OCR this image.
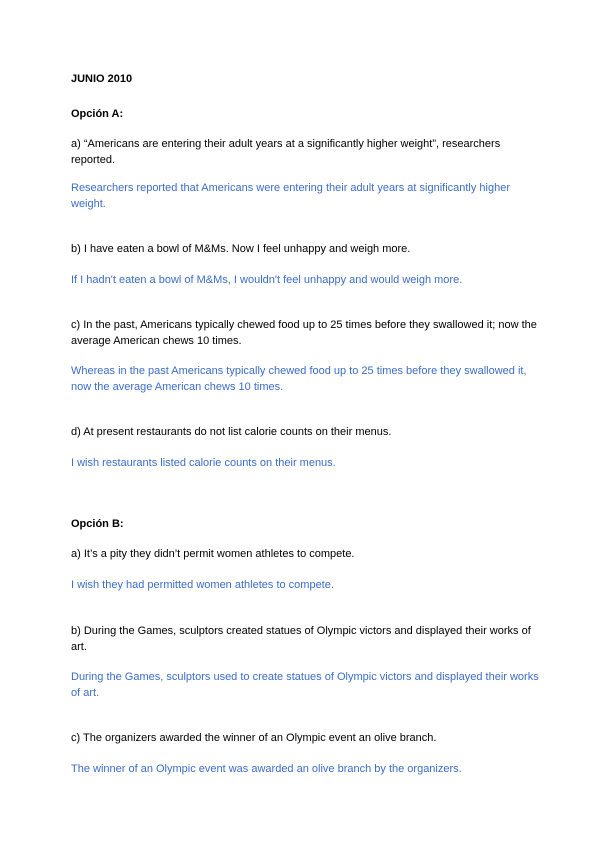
JUNIO 2010
Opción A:
a) “Americans are entering their adult years at a significantly higher weight”, researchers reported.
Researchers reported that Americans were entering their adult years at significantly higher weight.
b) I have eaten a bowl of M&Ms. Now I feel unhappy and weigh more.
If I hadn't eaten a bowl of M&Ms, I wouldn't feel unhappy and would weigh more.
c) In the past, Americans typically chewed food up to 25 times before they swallowed it; now the average American chews 10 times.
Whereas in the past Americans typically chewed food up to 25 times before they swallowed it, now the average American chews 10 times.
d) At present restaurants do not list calorie counts on their menus.
I wish restaurants listed calorie counts on their menus.
Opción B:
a) It’s a pity they didn’t permit women athletes to compete.
I wish they had permitted women athletes to compete.
b) During the Games, sculptors created statues of Olympic victors and displayed their works of art.
During the Games, sculptors used to create statues of Olympic victors and displayed their works of art.
c) The organizers awarded the winner of an Olympic event an olive branch.
The winner of an Olympic event was awarded an olive branch by the organizers.
